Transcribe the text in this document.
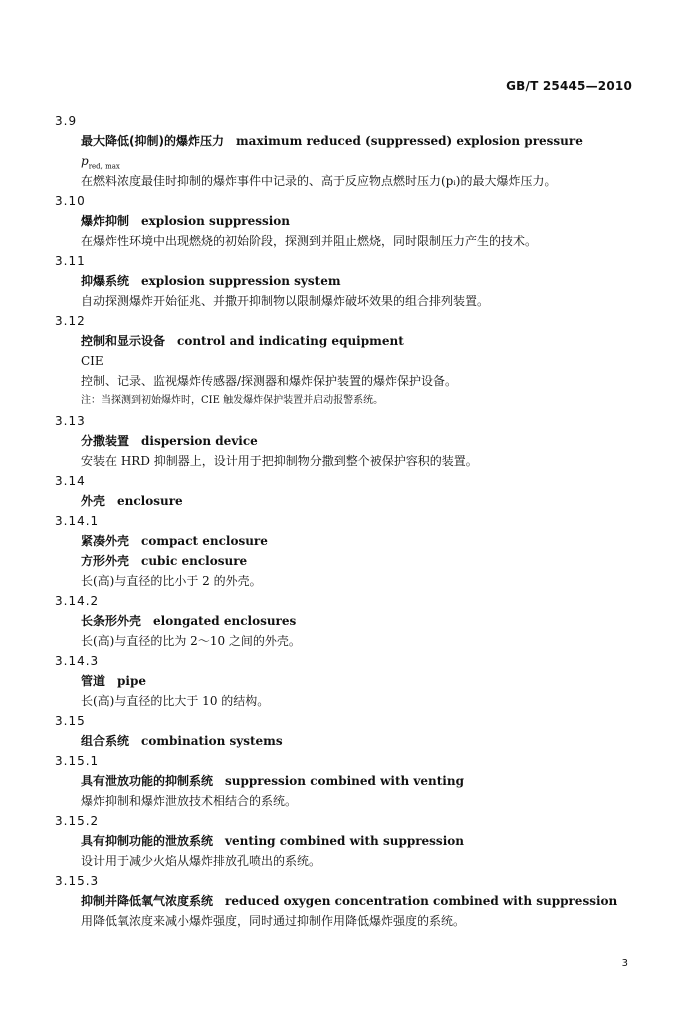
GB/T 25445—2010
3.9
最大降低(抑制)的爆炸压力 maximum reduced (suppressed) explosion pressure
$p_{red, max}$
在燃料浓度最佳时抑制的爆炸事件中记录的、高于反应物点燃时压力(pᵢ)的最大爆炸压力。
3.10
爆炸抑制 explosion suppression
在爆炸性环境中出现燃烧的初始阶段，探测到并阻止燃烧，同时限制压力产生的技术。
3.11
抑爆系统 explosion suppression system
自动探测爆炸开始征兆、并撒开抑制物以限制爆炸破坏效果的组合排列装置。
3.12
控制和显示设备 control and indicating equipment
CIE
控制、记录、监视爆炸传感器/探测器和爆炸保护装置的爆炸保护设备。
注：当探测到初始爆炸时，CIE 触发爆炸保护装置并启动报警系统。
3.13
分撒装置 dispersion device
安装在 HRD 抑制器上，设计用于把抑制物分撒到整个被保护容积的装置。
3.14
外壳 enclosure
3.14.1
紧凑外壳 compact enclosure
方形外壳 cubic enclosure
长(高)与直径的比小于 2 的外壳。
3.14.2
长条形外壳 elongated enclosures
长(高)与直径的比为 2～10 之间的外壳。
3.14.3
管道 pipe
长(高)与直径的比大于 10 的结构。
3.15
组合系统 combination systems
3.15.1
具有泄放功能的抑制系统 suppression combined with venting
爆炸抑制和爆炸泄放技术相结合的系统。
3.15.2
具有抑制功能的泄放系统 venting combined with suppression
设计用于减少火焰从爆炸排放孔喷出的系统。
3.15.3
抑制并降低氧气浓度系统 reduced oxygen concentration combined with suppression
用降低氧浓度来减小爆炸强度，同时通过抑制作用降低爆炸强度的系统。
3
